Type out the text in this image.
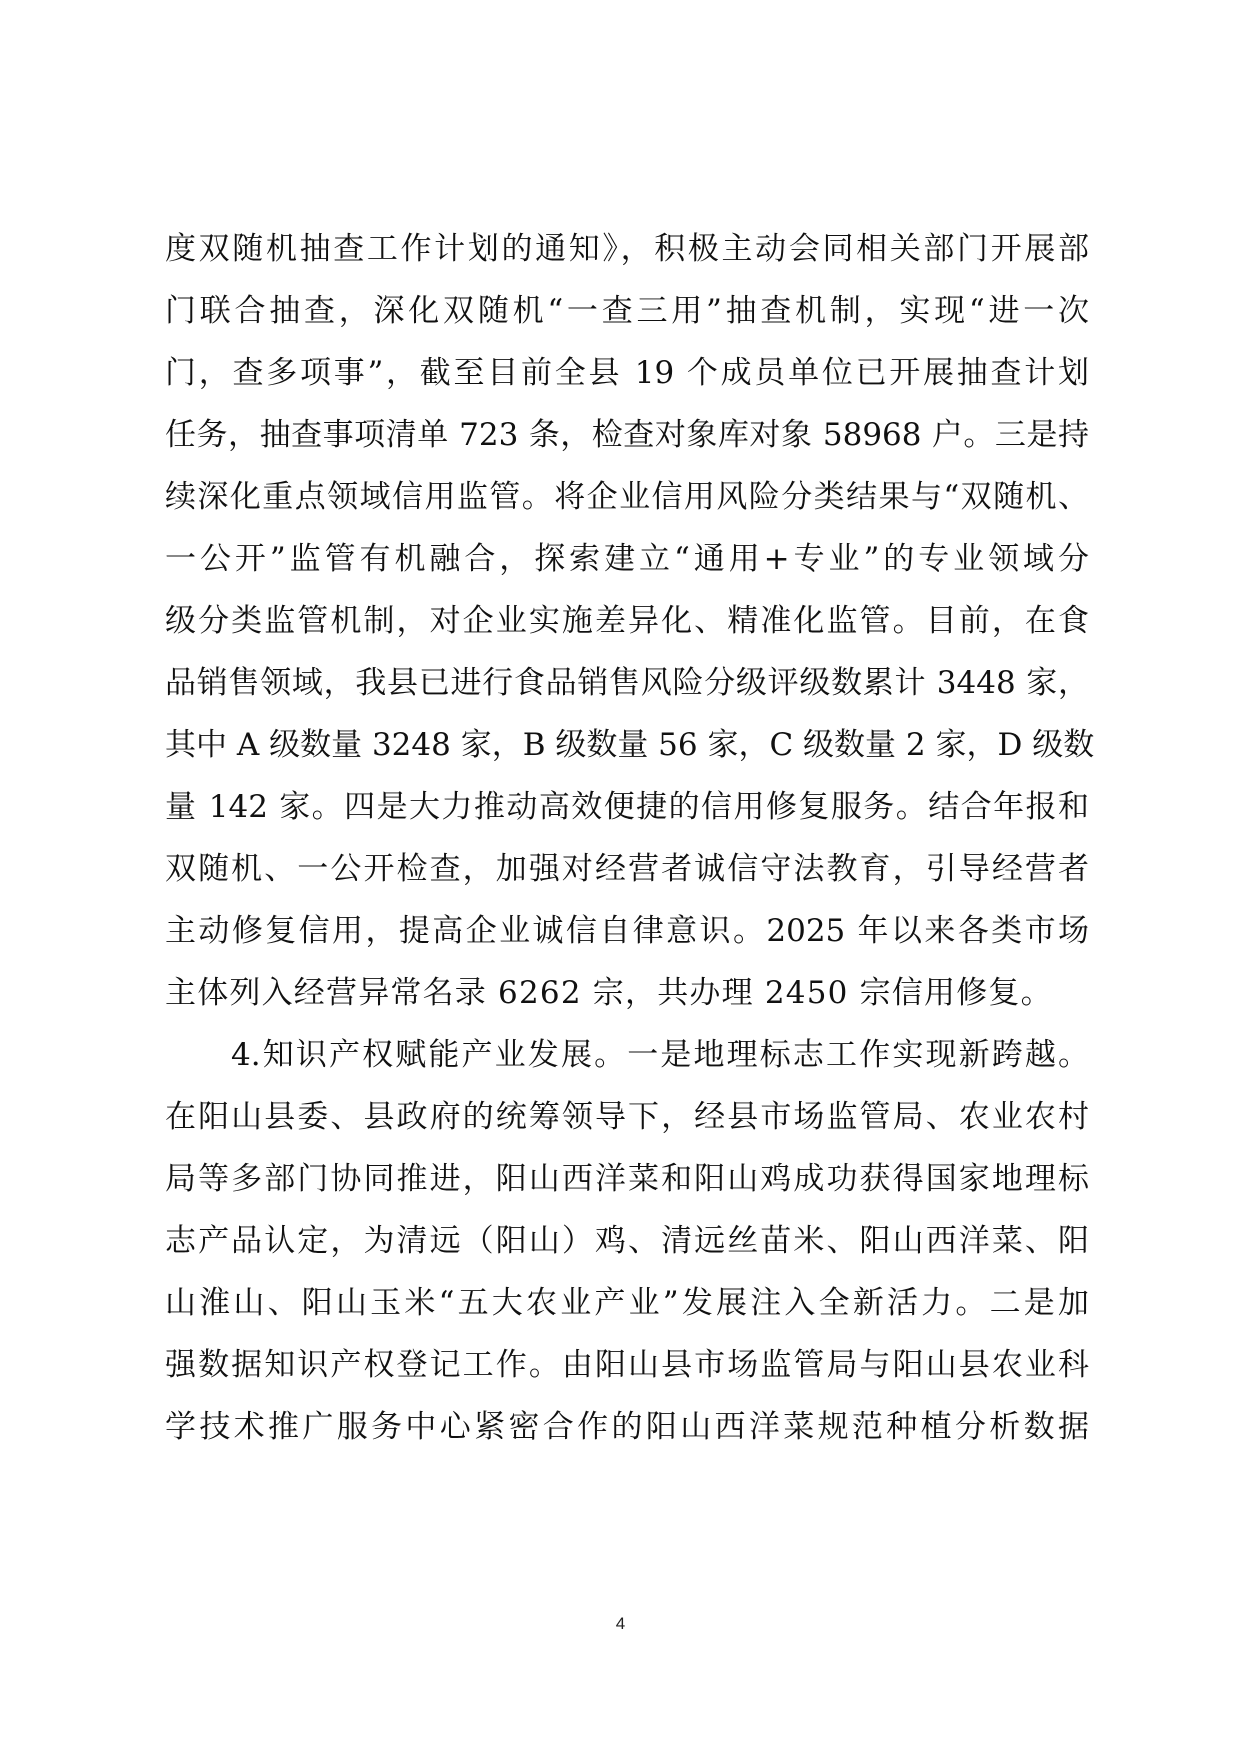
度双随机抽查工作计划的通知》，积极主动会同相关部门开展部
门联合抽查，深化双随机“一查三用”抽查机制，实现“进一次
门，查多项事”，截至目前全县 19 个成员单位已开展抽查计划
任务，抽查事项清单 723 条，检查对象库对象 58968 户。三是持
续深化重点领域信用监管。将企业信用风险分类结果与“双随机、
一公开”监管有机融合，探索建立“通用+专业”的专业领域分
级分类监管机制，对企业实施差异化、精准化监管。目前，在食
品销售领域，我县已进行食品销售风险分级评级数累计 3448 家，
其中 A 级数量 3248 家，B 级数量 56 家，C 级数量 2 家，D 级数
量 142 家。四是大力推动高效便捷的信用修复服务。结合年报和
双随机、一公开检查，加强对经营者诚信守法教育，引导经营者
主动修复信用，提高企业诚信自律意识。2025 年以来各类市场
主体列入经营异常名录 6262 宗，共办理 2450 宗信用修复。
4.知识产权赋能产业发展。一是地理标志工作实现新跨越。
在阳山县委、县政府的统筹领导下，经县市场监管局、农业农村
局等多部门协同推进，阳山西洋菜和阳山鸡成功获得国家地理标
志产品认定，为清远（阳山）鸡、清远丝苗米、阳山西洋菜、阳
山淮山、阳山玉米“五大农业产业”发展注入全新活力。二是加
强数据知识产权登记工作。由阳山县市场监管局与阳山县农业科
学技术推广服务中心紧密合作的阳山西洋菜规范种植分析数据
4
